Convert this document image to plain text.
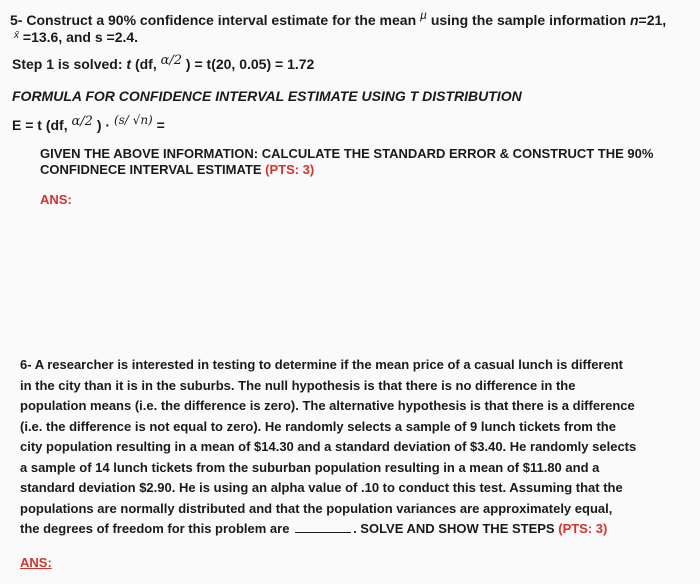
5- Construct a 90% confidence interval estimate for the mean µ using the sample information n=21,
$^{x̄}$ =13.6, and s =2.4.
Step 1 is solved: t (df, α/2 ) = t(20, 0.05) = 1.72
FORMULA FOR CONFIDENCE INTERVAL ESTIMATE USING T DISTRIBUTION
E = t (df, α/2 ) · (s/ √n) =
GIVEN THE ABOVE INFORMATION: CALCULATE THE STANDARD ERROR & CONSTRUCT THE 90% CONFIDNECE INTERVAL ESTIMATE (PTS: 3)
ANS:
6- A researcher is interested in testing to determine if the mean price of a casual lunch is different
in the city than it is in the suburbs. The null hypothesis is that there is no difference in the
population means (i.e. the difference is zero). The alternative hypothesis is that there is a difference
(i.e. the difference is not equal to zero). He randomly selects a sample of 9 lunch tickets from the
city population resulting in a mean of $14.30 and a standard deviation of $3.40. He randomly selects
a sample of 14 lunch tickets from the suburban population resulting in a mean of $11.80 and a
standard deviation $2.90. He is using an alpha value of .10 to conduct this test. Assuming that the
populations are normally distributed and that the population variances are approximately equal,
the degrees of freedom for this problem are	. SOLVE AND SHOW THE STEPS (PTS: 3)
ANS:
